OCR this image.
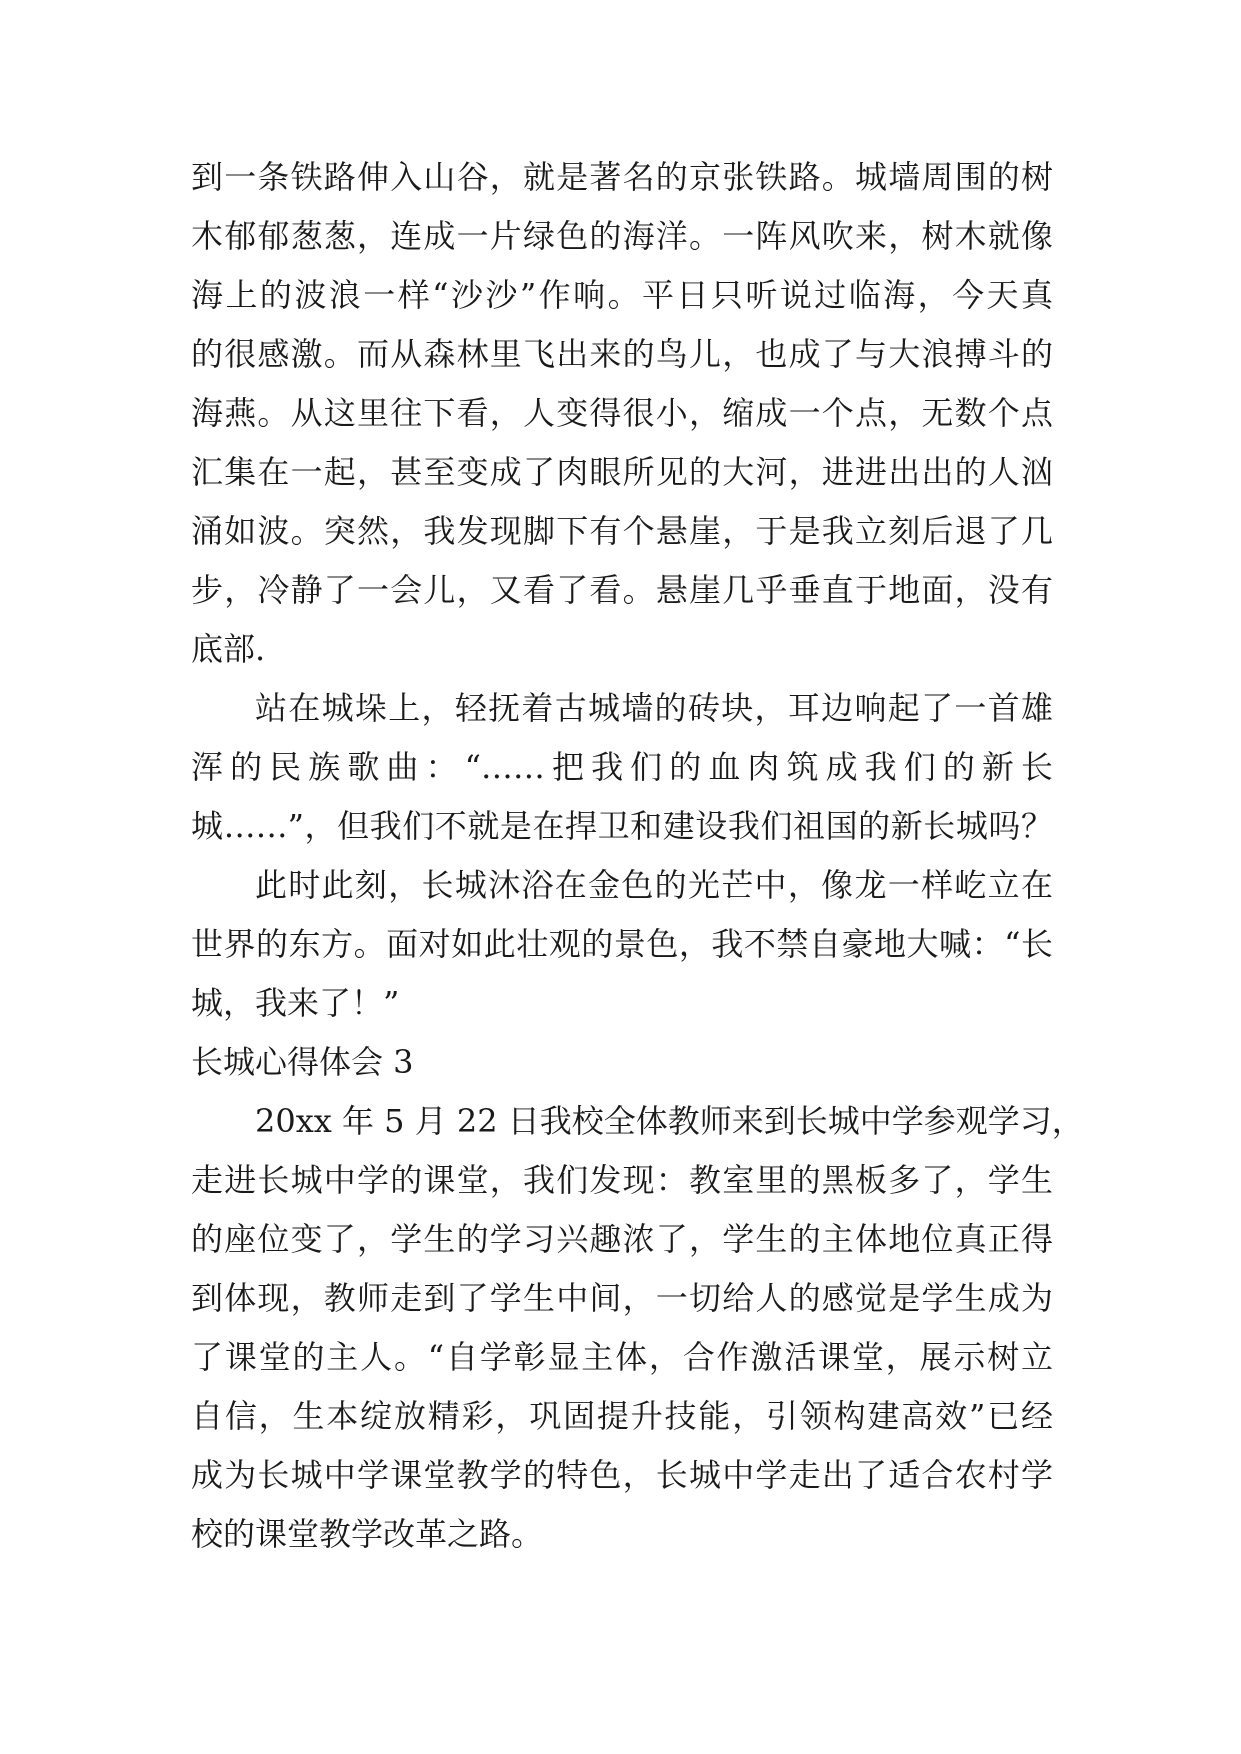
到一条铁路伸入山谷，就是著名的京张铁路。城墙周围的树
木郁郁葱葱，连成一片绿色的海洋。一阵风吹来，树木就像
海上的波浪一样“沙沙”作响。平日只听说过临海，今天真
的很感激。而从森林里飞出来的鸟儿，也成了与大浪搏斗的
海燕。从这里往下看，人变得很小，缩成一个点，无数个点
汇集在一起，甚至变成了肉眼所见的大河，进进出出的人汹
涌如波。突然，我发现脚下有个悬崖，于是我立刻后退了几
步，冷静了一会儿，又看了看。悬崖几乎垂直于地面，没有
底部.
站在城垛上，轻抚着古城墙的砖块，耳边响起了一首雄
浑的民族歌曲：“……把我们的血肉筑成我们的新长
城……”，但我们不就是在捍卫和建设我们祖国的新长城吗？
此时此刻，长城沐浴在金色的光芒中，像龙一样屹立在
世界的东方。面对如此壮观的景色，我不禁自豪地大喊：“长
城，我来了！”
长城心得体会 3
20xx 年 5 月 22 日我校全体教师来到长城中学参观学习，
走进长城中学的课堂，我们发现：教室里的黑板多了，学生
的座位变了，学生的学习兴趣浓了，学生的主体地位真正得
到体现，教师走到了学生中间，一切给人的感觉是学生成为
了课堂的主人。“自学彰显主体，合作激活课堂，展示树立
自信，生本绽放精彩，巩固提升技能，引领构建高效”已经
成为长城中学课堂教学的特色，长城中学走出了适合农村学
校的课堂教学改革之路。
